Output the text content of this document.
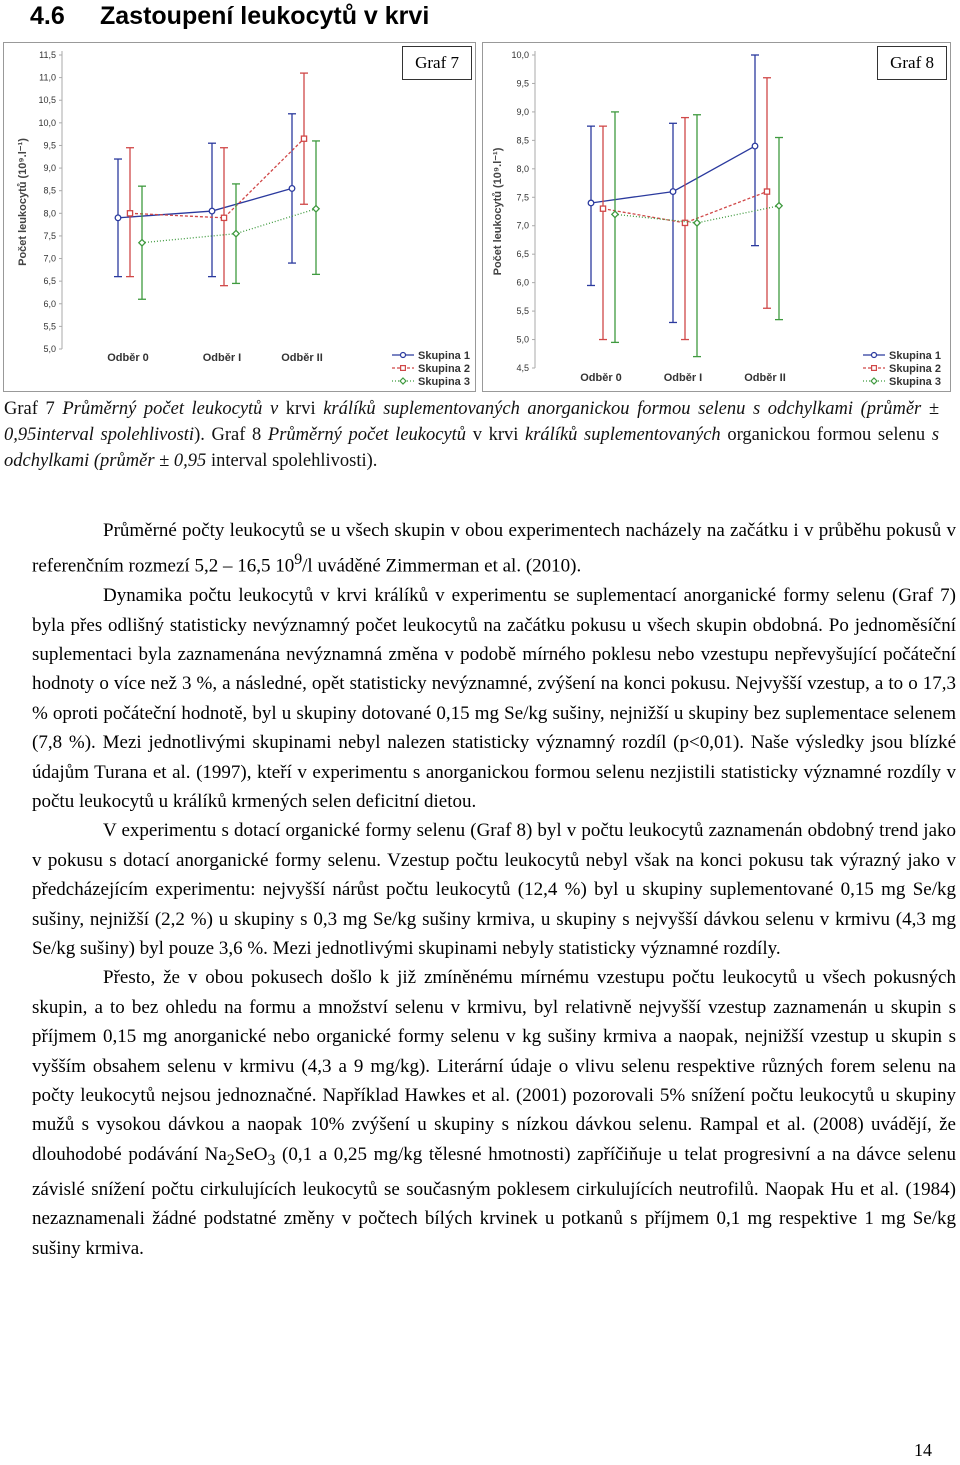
4.6 Zastoupení leukocytů v krvi
5,0
5,5
6,0
6,5
7,0
7,5
8,0
8,5
9,0
9,5
10,0
10,5
11,0
11,5
Počet leukocytů (10⁹.l⁻¹)
Odběr 0	Odběr I	Odběr II	Skupina 1
Skupina 2
Skupina 3
Graf 7
4,5
5,0
5,5
6,0
6,5
7,0
7,5
8,0
8,5
9,0
9,5
10,0
Počet leukocytů (10⁹.l⁻¹)
Odběr 0	Odběr I	Odběr II
Skupina 1
Skupina 2
Skupina 3
Graf 8
Graf 7 Průměrný počet leukocytů v krvi králíků suplementovaných anorganickou formou selenu s odchylkami (průměr ± 0,95interval spolehlivosti). Graf 8 Průměrný počet leukocytů v krvi králíků suplementovaných organickou formou selenu s odchylkami (průměr ± 0,95 interval spolehlivosti).

Průměrné počty leukocytů se u všech skupin v obou experimentech nacházely na začátku i v průběhu pokusů v referenčním rozmezí 5,2 – 16,5 $10^9/l$ uváděné Zimmerman et al. (2010).

Dynamika počtu leukocytů v krvi králíků v experimentu se suplementací anorganické formy selenu (Graf 7) byla přes odlišný statisticky nevýznamný počet leukocytů na začátku pokusu u všech skupin obdobná. Po jednoměsíční suplementaci byla zaznamenána nevýznamná změna v podobě mírného poklesu nebo vzestupu nepřevyšující počáteční hodnoty o více než 3 %, a následné, opět statisticky nevýznamné, zvýšení na konci pokusu. Nejvyšší vzestup, a to o 17,3 % oproti počáteční hodnotě, byl u skupiny dotované 0,15 mg Se/kg sušiny, nejnižší u skupiny bez suplementace selenem (7,8 %). Mezi jednotlivými skupinami nebyl nalezen statisticky významný rozdíl (p<0,01). Naše výsledky jsou blízké údajům Turana et al. (1997), kteří v experimentu s anorganickou formou selenu nezjistili statisticky významné rozdíly v počtu leukocytů u králíků krmených selen deficitní dietou.

V experimentu s dotací organické formy selenu (Graf 8) byl v počtu leukocytů zaznamenán obdobný trend jako v pokusu s dotací anorganické formy selenu. Vzestup počtu leukocytů nebyl však na konci pokusu tak výrazný jako v předcházejícím experimentu: nejvyšší nárůst počtu leukocytů (12,4 %) byl u skupiny suplementované 0,15 mg Se/kg sušiny, nejnižší (2,2 %) u skupiny s 0,3 mg Se/kg sušiny krmiva, u skupiny s nejvyšší dávkou selenu v krmivu (4,3 mg Se/kg sušiny) byl pouze 3,6 %. Mezi jednotlivými skupinami nebyly statisticky významné rozdíly.

Přesto, že v obou pokusech došlo k již zmíněnému mírnému vzestupu počtu leukocytů u všech pokusných skupin, a to bez ohledu na formu a množství selenu v krmivu, byl relativně nejvyšší vzestup zaznamenán u skupin s příjmem 0,15 mg anorganické nebo organické formy selenu v kg sušiny krmiva a naopak, nejnižší vzestup u skupin s vyšším obsahem selenu v krmivu (4,3 a 9 mg/kg). Literární údaje o vlivu selenu respektive různých forem selenu na počty leukocytů nejsou jednoznačné. Například Hawkes et al. (2001) pozorovali 5% snížení počtu leukocytů u skupiny mužů s vysokou dávkou a naopak 10% zvýšení u skupiny s nízkou dávkou selenu. Rampal et al. (2008) uvádějí, že dlouhodobé podávání $Na_2SeO_3$ (0,1 a 0,25 mg/kg tělesné hmotnosti) zapříčiňuje u telat progresivní a na dávce selenu závislé snížení počtu cirkulujících leukocytů se současným poklesem cirkulujících neutrofilů. Naopak Hu et al. (1984) nezaznamenali žádné podstatné změny v počtech bílých krvinek u potkanů s příjmem 0,1 mg respektive 1 mg Se/kg sušiny krmiva.

14
